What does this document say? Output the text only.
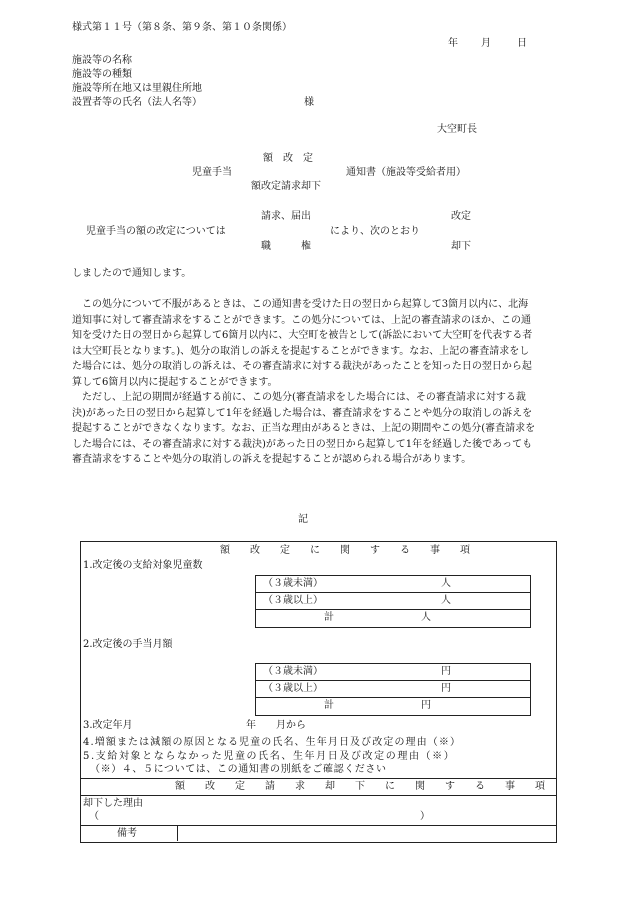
様式第１１号（第８条、第９条、第１０条関係）
年 月	日
施設等の名称
施設等の種類
施設等所在地又は里親住所地
設置者等の氏名（法人名等）	様
大空町長
額　改　定
児童手当	通知書（施設等受給者用）
額改定請求却下
請求、届出	改定
児童手当の額の改定については	により、次のとおり
職　　　権	却下
しましたので通知します。

この処分について不服があるときは、この通知書を受けた日の翌日から起算して3箇月以内に、北海道知事に対して審査請求をすることができます。この処分については、上記の審査請求のほか、この通知を受けた日の翌日から起算して6箇月以内に、大空町を被告として(訴訟において大空町を代表する者は大空町長となります。)、処分の取消しの訴えを提起することができます。なお、上記の審査請求をした場合には、処分の取消しの訴えは、その審査請求に対する裁決があったことを知った日の翌日から起算して6箇月以内に提起することができます。

ただし、上記の期間が経過する前に、この処分(審査請求をした場合には、その審査請求に対する裁決)があった日の翌日から起算して1年を経過した場合は、審査請求をすることや処分の取消しの訴えを提起することができなくなります。なお、正当な理由があるときは、上記の期間やこの処分(審査請求をした場合には、その審査請求に対する裁決)があった日の翌日から起算して1年を経過した後であっても審査請求をすることや処分の取消しの訴えを提起することが認められる場合があります。

記
額　改　定　に　関　す　る　事　項
1.改定後の支給対象児童数
（３歳未満）	人
（３歳以上）	人
計	人
2.改定後の手当月額
（３歳未満）	円
（３歳以上）	円
計	円
3.改定年月	年　　月から
4.増額または減額の原因となる児童の氏名、生年月日及び改定の理由（※）
5.支給対象とならなかった児童の氏名、生年月日及び改定の理由（※）
（※）４、５については、この通知書の別紙をご確認ください
額　改　定　請　求　却　下　に　関　す　る　事　項
却下した理由
（	）
備考
